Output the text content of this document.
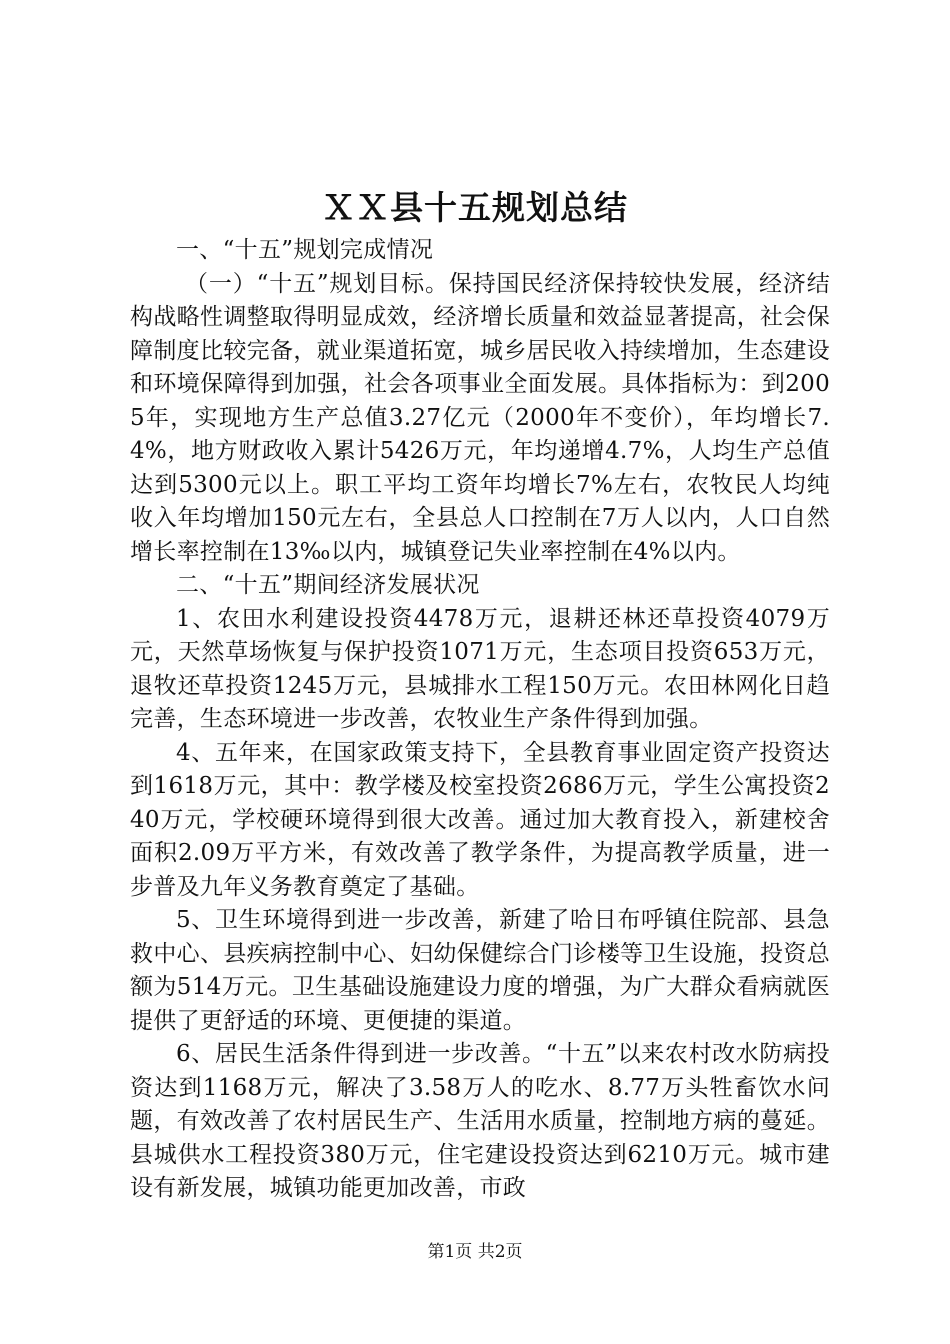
ＸＸ县十五规划总结

一、“十五”规划完成情况

（一）“十五”规划目标。保持国民经济保持较快发展，经济结构战略性调整取得明显成效，经济增长质量和效益显著提高，社会保障制度比较完备，就业渠道拓宽，城乡居民收入持续增加，生态建设和环境保障得到加强，社会各项事业全面发展。具体指标为：到2005年，实现地方生产总值3.27亿元（2000年不变价），年均增长7.4%，地方财政收入累计5426万元，年均递增4.7%，人均生产总值达到5300元以上。职工平均工资年均增长7%左右，农牧民人均纯收入年均增加150元左右，全县总人口控制在7万人以内，人口自然增长率控制在13‰以内，城镇登记失业率控制在4%以内。

二、“十五”期间经济发展状况

1、农田水利建设投资4478万元，退耕还林还草投资4079万元，天然草场恢复与保护投资1071万元，生态项目投资653万元，退牧还草投资1245万元，县城排水工程150万元。农田林网化日趋完善，生态环境进一步改善，农牧业生产条件得到加强。

4、五年来，在国家政策支持下，全县教育事业固定资产投资达到1618万元，其中：教学楼及校室投资2686万元，学生公寓投资240万元，学校硬环境得到很大改善。通过加大教育投入，新建校舍面积2.09万平方米，有效改善了教学条件，为提高教学质量，进一步普及九年义务教育奠定了基础。

5、卫生环境得到进一步改善，新建了哈日布呼镇住院部、县急救中心、县疾病控制中心、妇幼保健综合门诊楼等卫生设施，投资总额为514万元。卫生基础设施建设力度的增强，为广大群众看病就医提供了更舒适的环境、更便捷的渠道。

6、居民生活条件得到进一步改善。“十五”以来农村改水防病投资达到1168万元，解决了3.58万人的吃水、8.77万头牲畜饮水问题，有效改善了农村居民生产、生活用水质量，控制地方病的蔓延。县城供水工程投资380万元，住宅建设投资达到6210万元。城市建设有新发展，城镇功能更加改善，市政

第1页 共2页
